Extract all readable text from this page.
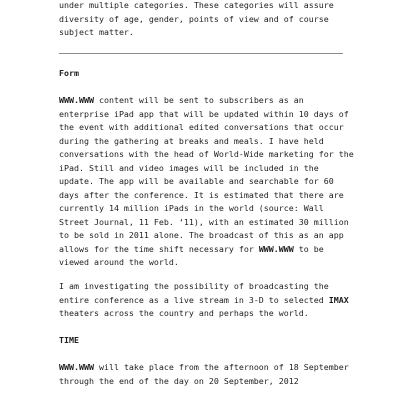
under multiple categories. These categories will assure
diversity of age, gender, points of view and of course
subject matter.
Form
WWW.WWW content will be sent to subscribers as an
enterprise iPad app that will be updated within 10 days of
the event with additional edited conversations that occur
during the gathering at breaks and meals. I have held
conversations with the head of World-Wide marketing for the
iPad. Still and video images will be included in the
update. The app will be available and searchable for 60
days after the conference. It is estimated that there are
currently 14 million iPads in the world (source: Wall
Street Journal, 11 Feb. ‘11), with an estimated 30 million
to be sold in 2011 alone. The broadcast of this as an app
allows for the time shift necessary for WWW.WWW to be
viewed around the world.
I am investigating the possibility of broadcasting the
entire conference as a live stream in 3-D to selected IMAX
theaters across the country and perhaps the world.
TIME
WWW.WWW will take place from the afternoon of 18 September
through the end of the day on 20 September, 2012
